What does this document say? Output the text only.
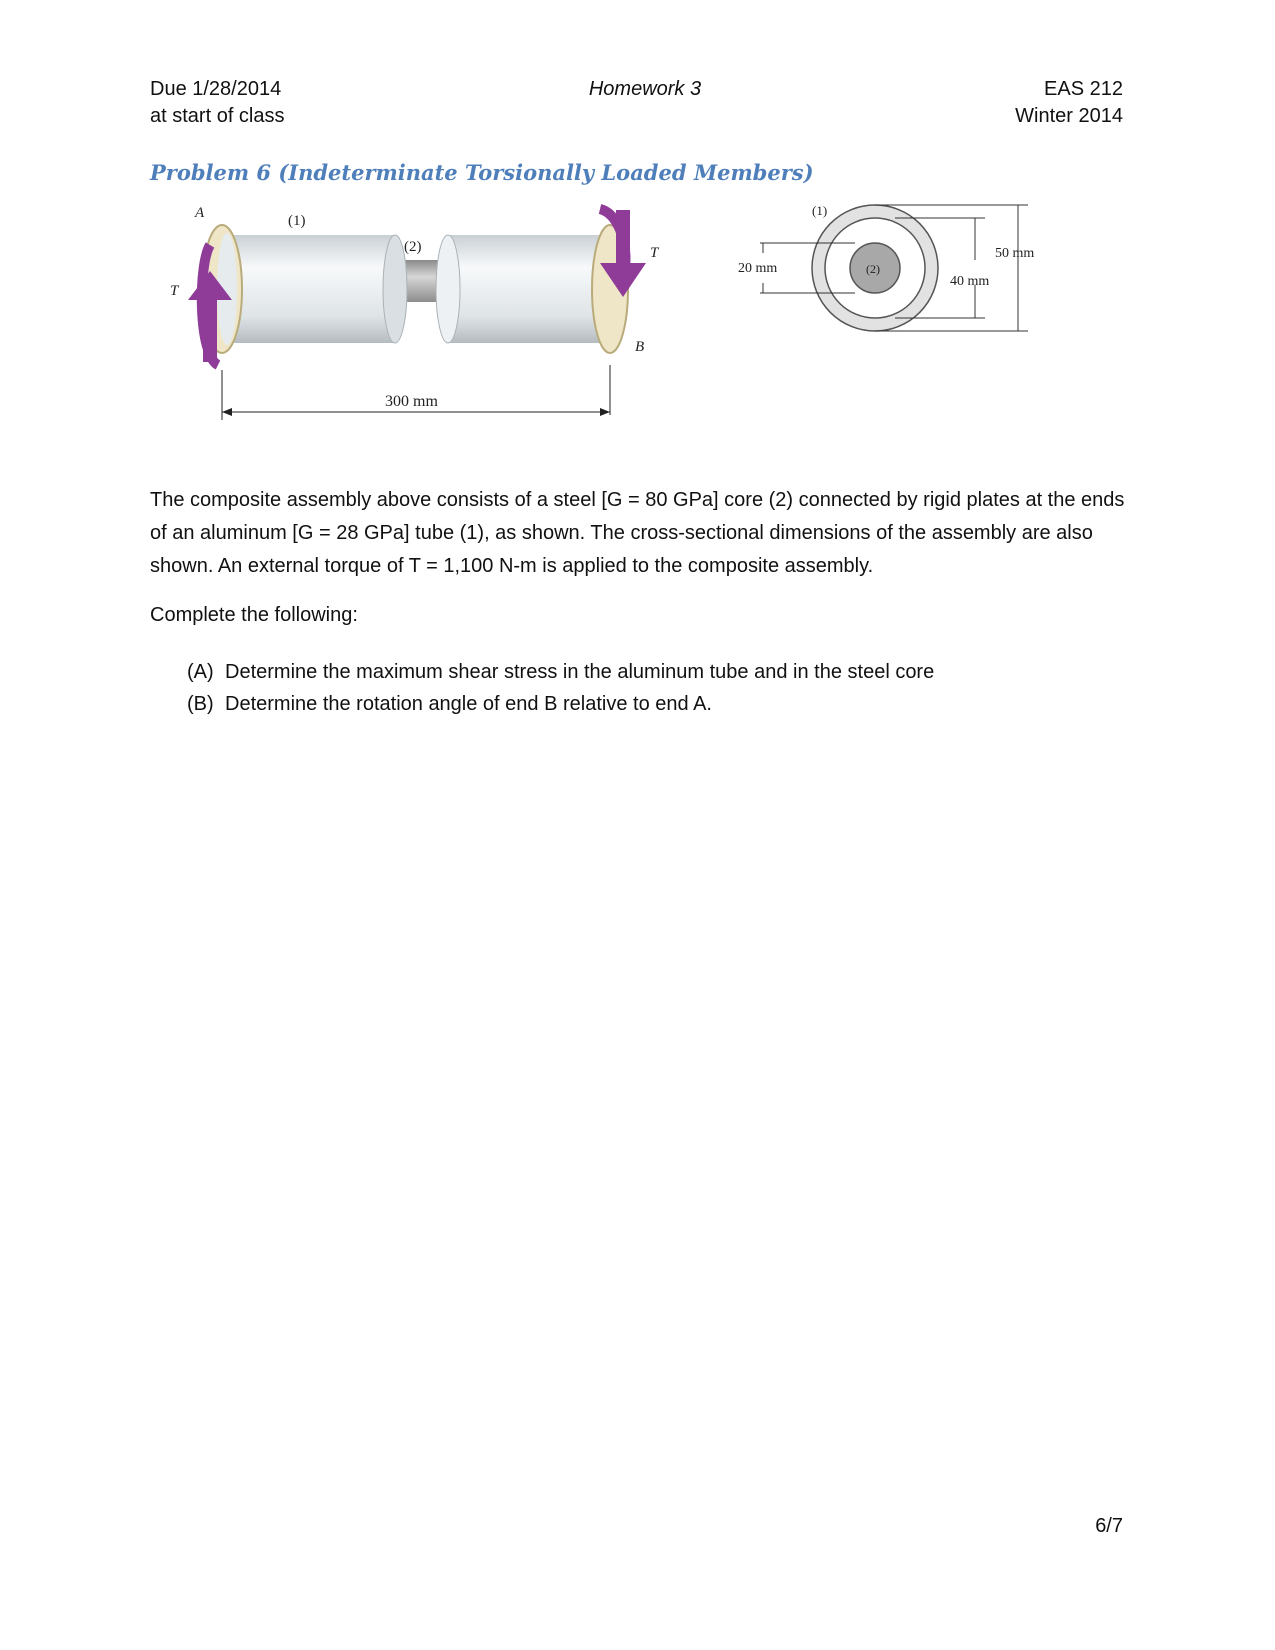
Due 1/28/2014
at start of class
Homework 3	EAS 212
Winter 2014
Problem 6 (Indeterminate Torsionally Loaded Members)
A	(1)
(2)
T
T
B
300 mm
(1)
(2)
20 mm
40 mm
50 mm
The composite assembly above consists of a steel [G = 80 GPa] core (2) connected by rigid plates at the ends of an aluminum [G = 28 GPa] tube (1), as shown. The cross-sectional dimensions of the assembly are also shown. An external torque of T = 1,100 N-m is applied to the composite assembly.
Complete the following:
(A) Determine the maximum shear stress in the aluminum tube and in the steel core
(B) Determine the rotation angle of end B relative to end A.
6/7
